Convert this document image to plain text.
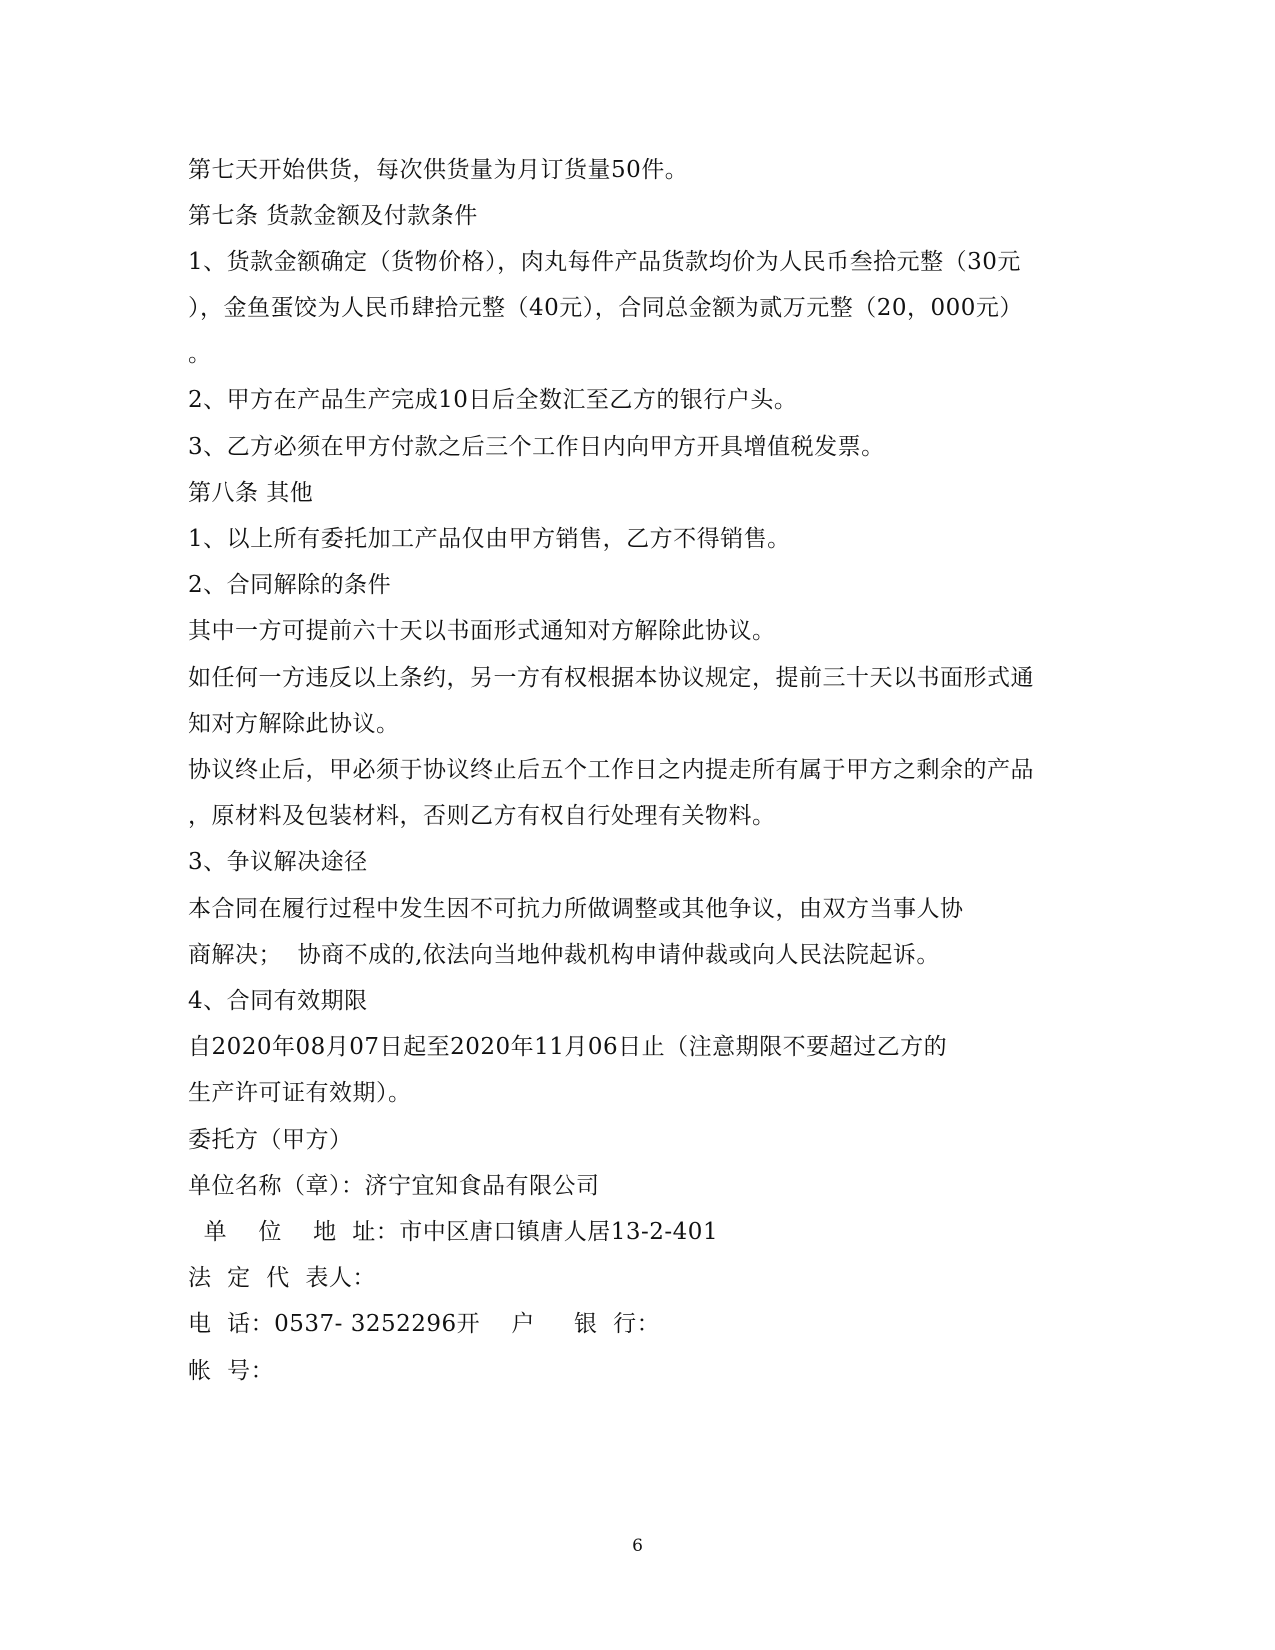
第七天开始供货，每次供货量为月订货量50件。
第七条 货款金额及付款条件
1、货款金额确定（货物价格），肉丸每件产品货款均价为人民币叁拾元整（30元
），金鱼蛋饺为人民币肆拾元整（40元），合同总金额为贰万元整（20，000元）
。
2、甲方在产品生产完成10日后全数汇至乙方的银行户头。
3、乙方必须在甲方付款之后三个工作日内向甲方开具增值税发票。
第八条 其他
1、以上所有委托加工产品仅由甲方销售，乙方不得销售。
2、合同解除的条件
其中一方可提前六十天以书面形式通知对方解除此协议。
如任何一方违反以上条约，另一方有权根据本协议规定，提前三十天以书面形式通
知对方解除此协议。
协议终止后，甲必须于协议终止后五个工作日之内提走所有属于甲方之剩余的产品
，原材料及包装材料，否则乙方有权自行处理有关物料。
3、争议解决途径
本合同在履行过程中发生因不可抗力所做调整或其他争议，由双方当事人协
商解决；  协商不成的,依法向当地仲裁机构申请仲裁或向人民法院起诉。
4、合同有效期限
自2020年08月07日起至2020年11月06日止（注意期限不要超过乙方的
生产许可证有效期）。
委托方（甲方）
单位名称（章）：济宁宜知食品有限公司
单    位    地  址：市中区唐口镇唐人居13-2-401
法  定  代  表人：
电  话：0537- 3252296开    户     银  行：
帐  号：
6
